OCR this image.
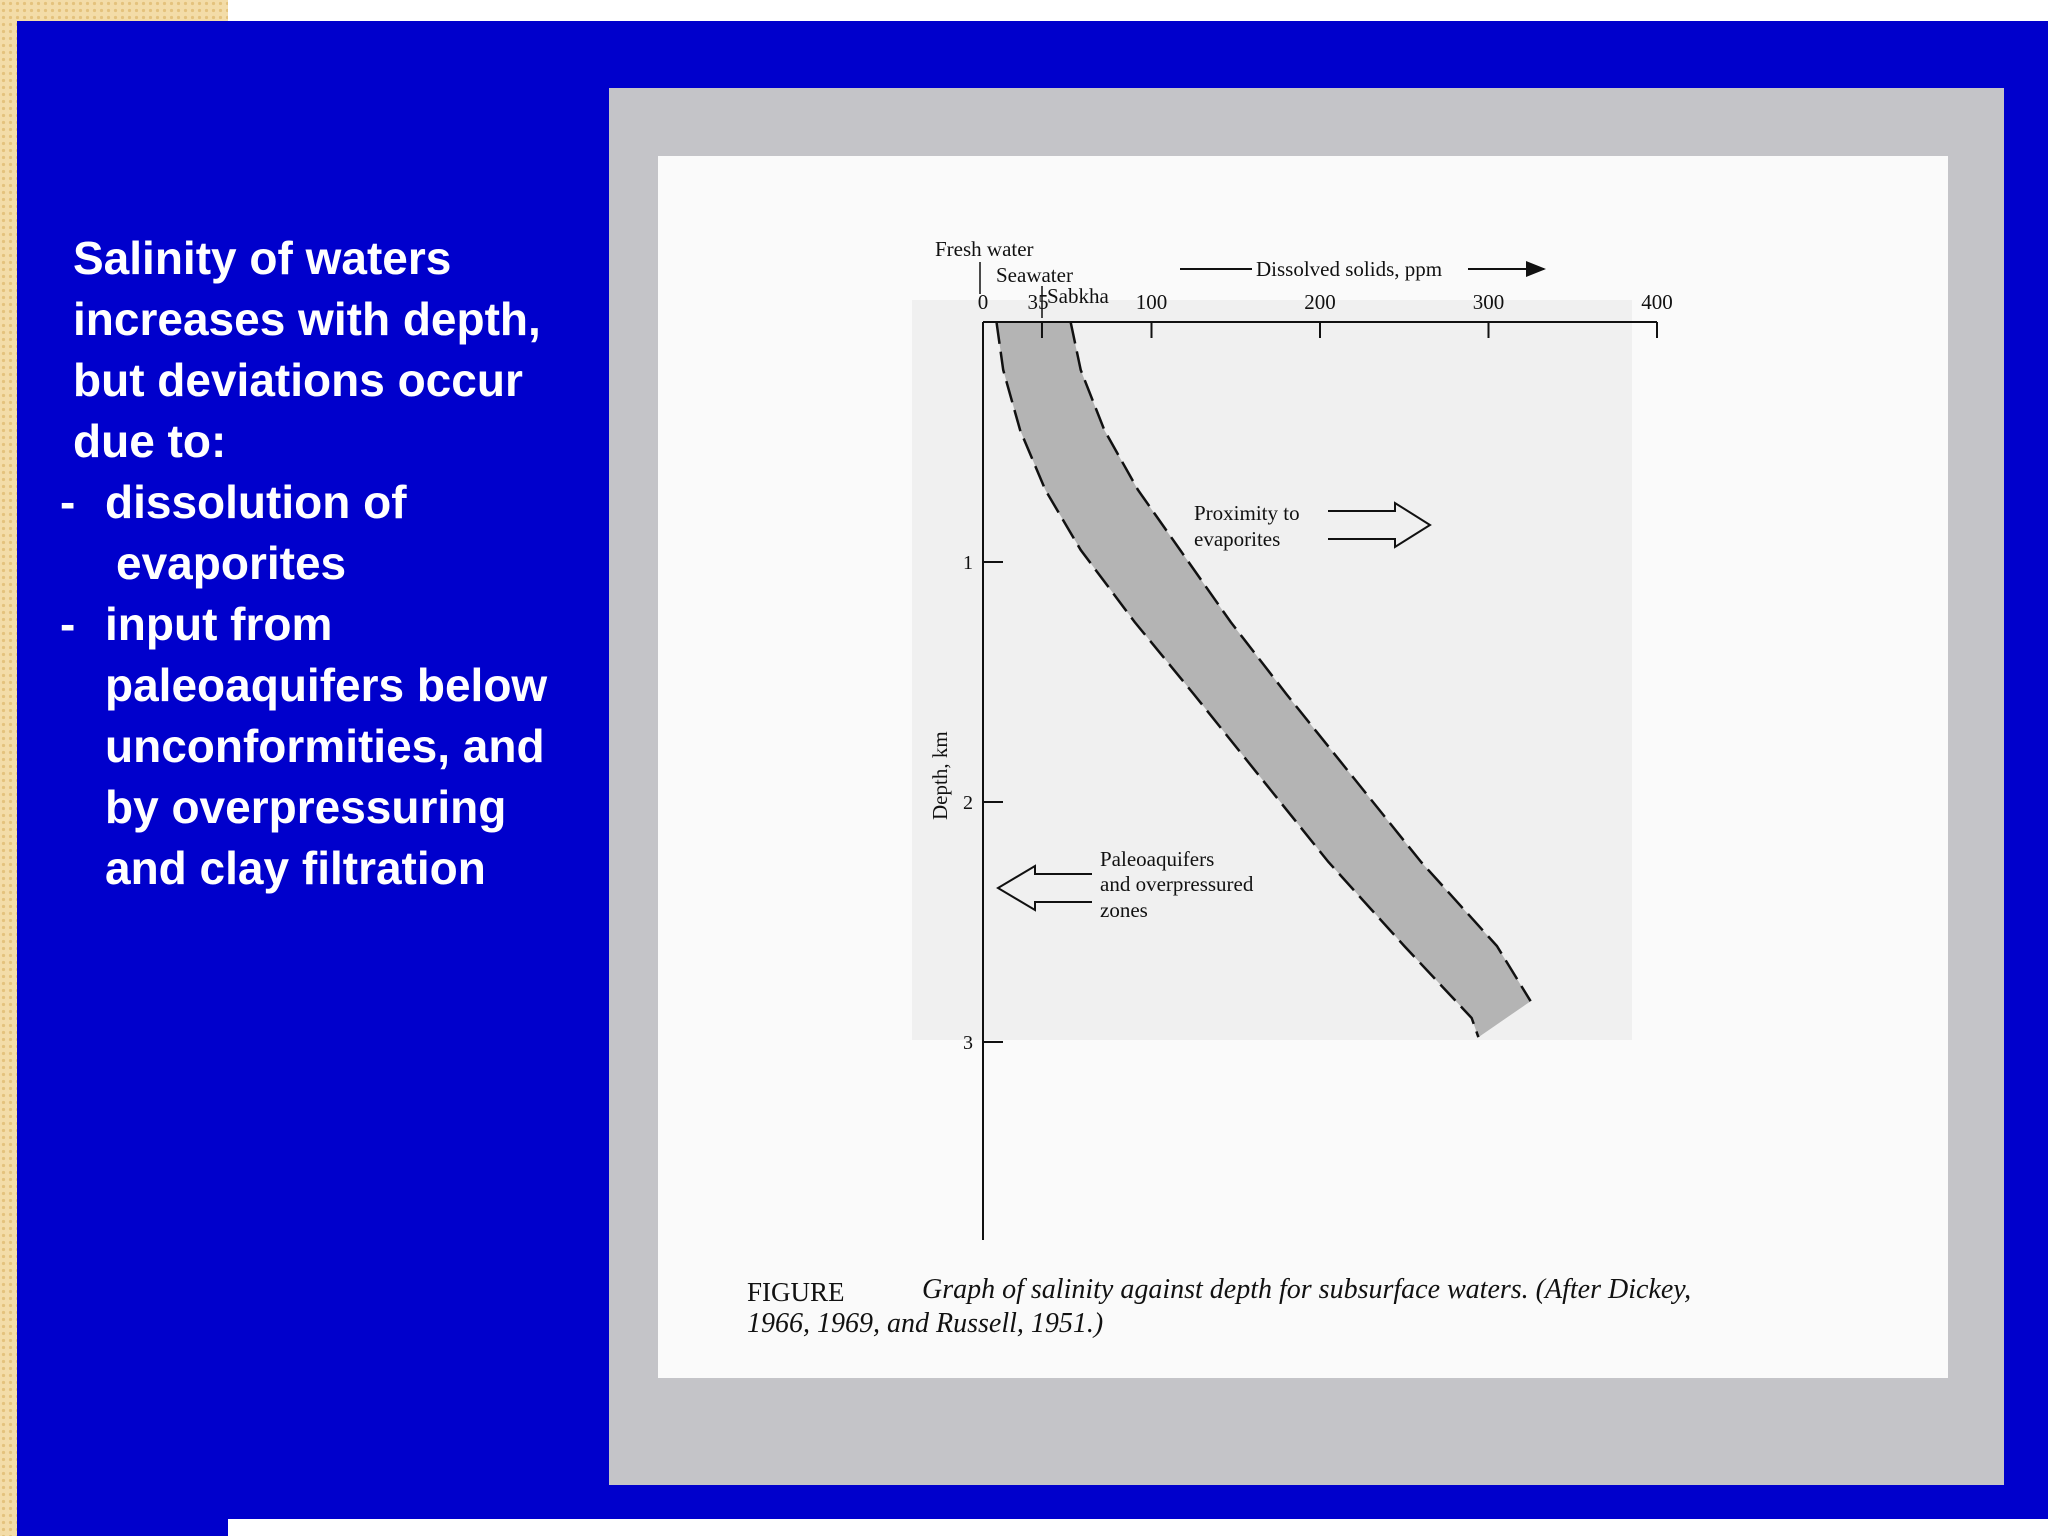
Salinity of waters
increases with depth,
but deviations occur
due to:
- dissolution of
evaporites
- input from
paleoaquifers below
unconformities, and
by overpressuring
and clay filtration
0 35	100	200	300	400
1
2
3
Fresh water
Seawater
Sabkha
Dissolved solids, ppm
Depth, km
Proximity to
evaporites
Paleoaquifers
and overpressured
zones
FIGURE	Graph of salinity against depth for subsurface waters. (After Dickey,
1966, 1969, and Russell, 1951.)
